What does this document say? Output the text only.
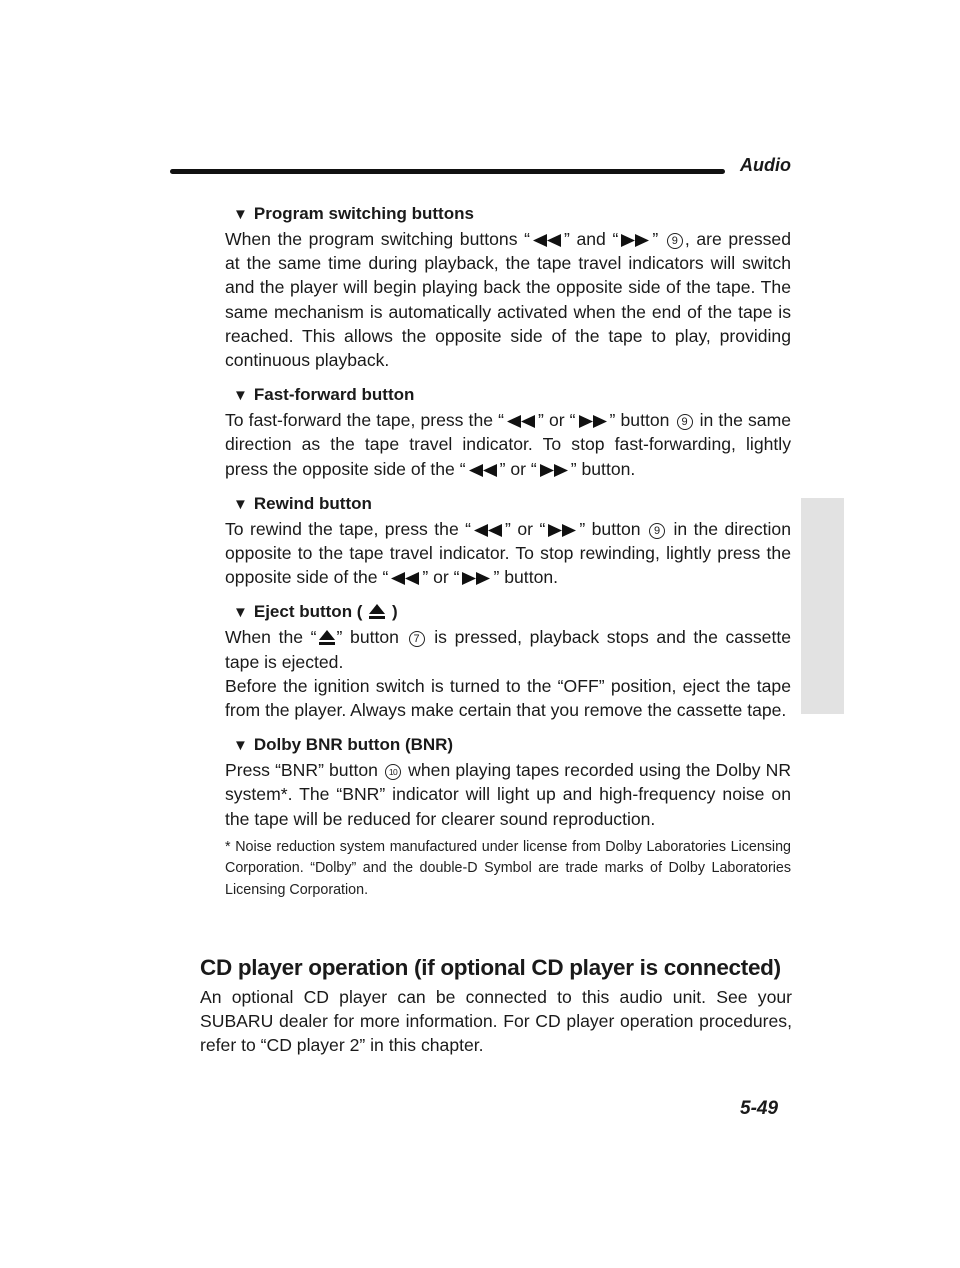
Audio
▼ Program switching buttons

When the program switching buttons “ ” and “ ” 9 , are pressed at the same time during playback, the tape travel indicators will switch and the player will begin playing back the opposite side of the tape. The same mechanism is automatically activated when the end of the tape is reached. This allows the opposite side of the tape to play, providing continuous playback.

▼ Fast-forward button

To fast-forward the tape, press the “ ” or “ ” button 9 in the same direction as the tape travel indicator. To stop fast-forwarding, lightly press the opposite side of the “ ” or “ ” button.

▼ Rewind button

To rewind the tape, press the “ ” or “ ” button 9 in the direction opposite to the tape travel indicator. To stop rewinding, lightly press the opposite side of the “ ” or “ ” button.

▼ Eject button ( )

When the “ ” button 7 is pressed, playback stops and the cassette tape is ejected.

Before the ignition switch is turned to the “OFF” position, eject the tape from the player. Always make certain that you remove the cassette tape.

▼ Dolby BNR button (BNR)

Press “BNR” button 10 when playing tapes recorded using the Dolby NR system*. The “BNR” indicator will light up and high-frequency noise on the tape will be reduced for clearer sound reproduction.

* Noise reduction system manufactured under license from Dolby Laboratories Licensing Corporation. “Dolby” and the double-D Symbol are trade marks of Dolby Laboratories Licensing Corporation.

CD player operation (if optional CD player is connected)

An optional CD player can be connected to this audio unit. See your SUBARU dealer for more information. For CD player operation procedures, refer to “CD player 2” in this chapter.

5-49
